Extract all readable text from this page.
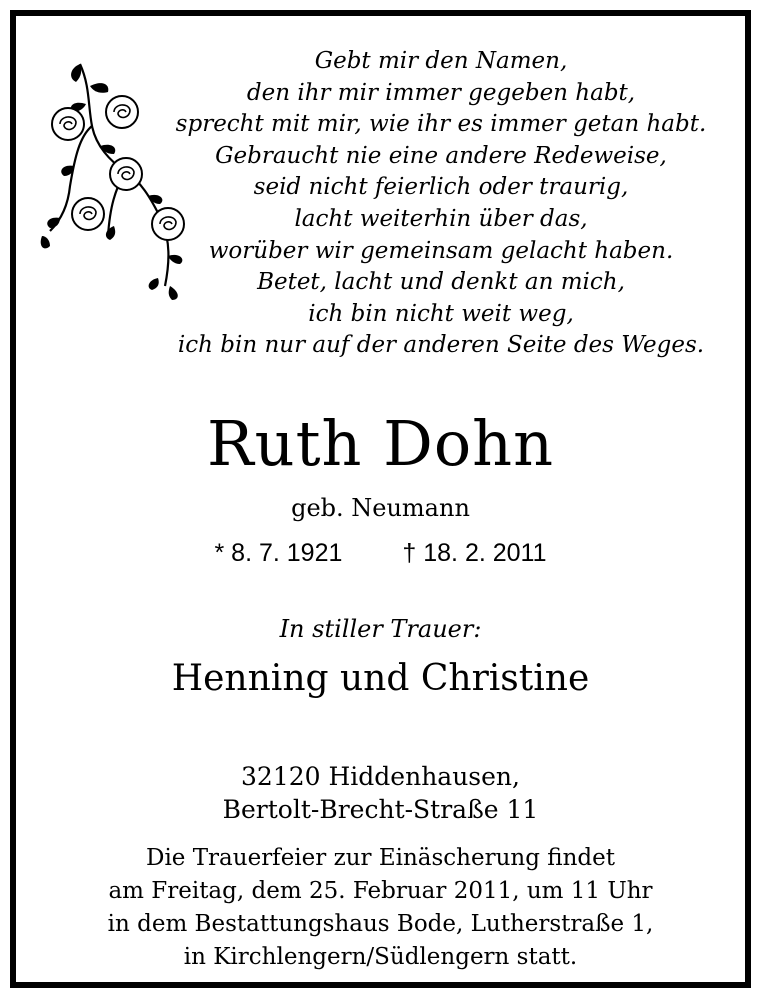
Gebt mir den Namen,
den ihr mir immer gegeben habt,
sprecht mit mir, wie ihr es immer getan habt.
Gebraucht nie eine andere Redeweise,
seid nicht feierlich oder traurig,
lacht weiterhin über das,
worüber wir gemeinsam gelacht haben.
Betet, lacht und denkt an mich,
ich bin nicht weit weg,
ich bin nur auf der anderen Seite des Weges.
Ruth Dohn
geb. Neumann
* 8. 7. 1921 † 18. 2. 2011
In stiller Trauer:
Henning und Christine
32120 Hiddenhausen,
Bertolt-Brecht-Straße 11
Die Trauerfeier zur Einäscherung findet
am Freitag, dem 25. Februar 2011, um 11 Uhr
in dem Bestattungshaus Bode, Lutherstraße 1,
in Kirchlengern/Südlengern statt.
